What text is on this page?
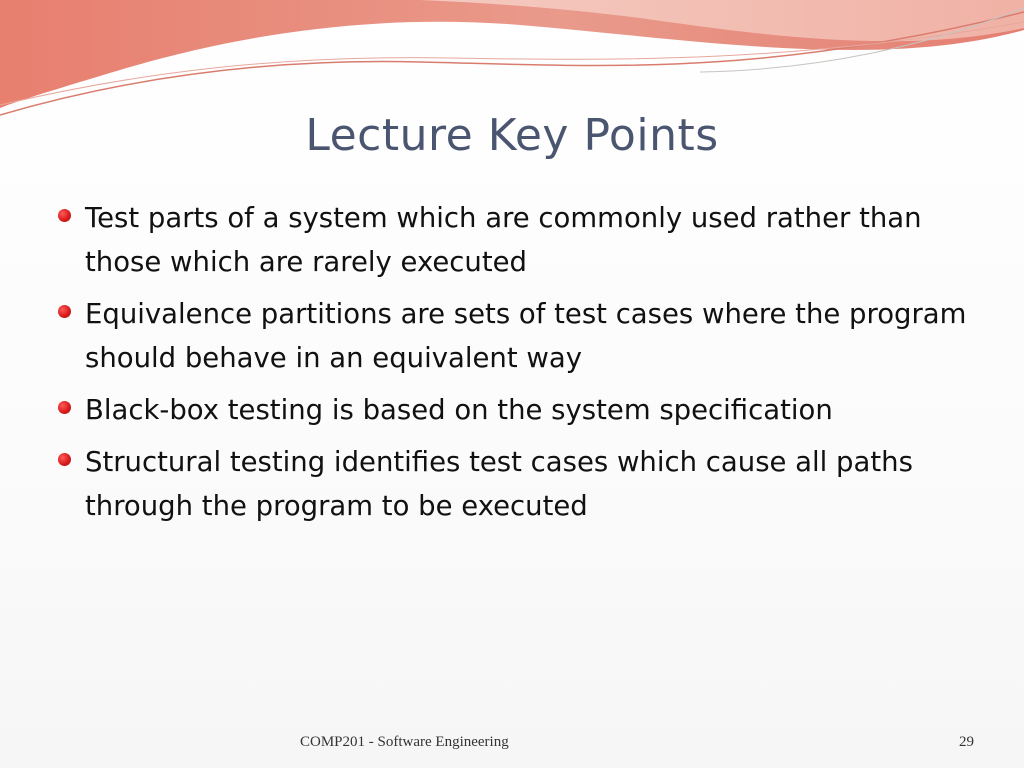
Lecture Key Points
Test parts of a system which are commonly used rather than those which are rarely executed
Equivalence partitions are sets of test cases where the program should behave in an equivalent way
Black-box testing is based on the system specification
Structural testing identifies test cases which cause all paths through the program to be executed
COMP201 - Software Engineering	29
